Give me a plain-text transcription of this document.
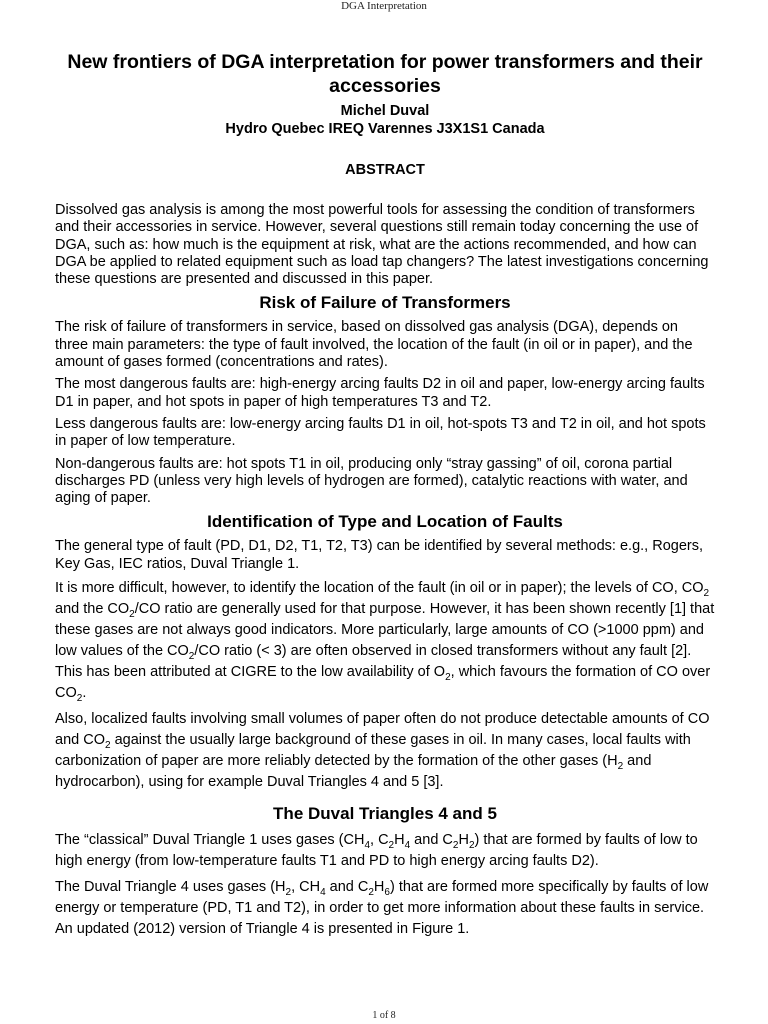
DGA Interpretation
New frontiers of DGA interpretation for power transformers and their accessories
Michel Duval
Hydro Quebec IREQ Varennes J3X1S1 Canada
ABSTRACT

Dissolved gas analysis is among the most powerful tools for assessing the condition of transformers and their accessories in service. However, several questions still remain today concerning the use of DGA, such as: how much is the equipment at risk, what are the actions recommended, and how can DGA be applied to related equipment such as load tap changers? The latest investigations concerning these questions are presented and discussed in this paper.

Risk of Failure of Transformers

The risk of failure of transformers in service, based on dissolved gas analysis (DGA), depends on three main parameters: the type of fault involved, the location of the fault (in oil or in paper), and the amount of gases formed (concentrations and rates).

The most dangerous faults are: high-energy arcing faults D2 in oil and paper, low-energy arcing faults D1 in paper, and hot spots in paper of high temperatures T3 and T2.

Less dangerous faults are: low-energy arcing faults D1 in oil, hot-spots T3 and T2 in oil, and hot spots in paper of low temperature.

Non-dangerous faults are: hot spots T1 in oil, producing only “stray gassing” of oil, corona partial discharges PD (unless very high levels of hydrogen are formed), catalytic reactions with water, and aging of paper.

Identification of Type and Location of Faults

The general type of fault (PD, D1, D2, T1, T2, T3) can be identified by several methods: e.g., Rogers, Key Gas, IEC ratios, Duval Triangle 1.

It is more difficult, however, to identify the location of the fault (in oil or in paper); the levels of CO, $CO_2$ and the $CO_2/CO$ ratio are generally used for that purpose. However, it has been shown recently [1] that these gases are not always good indicators. More particularly, large amounts of CO (>1000 ppm) and low values of the $CO_2/CO$ ratio (< 3) are often observed in closed transformers without any fault [2]. This has been attributed at CIGRE to the low availability of $O_2$, which favours the formation of CO over $CO_2$.

Also, localized faults involving small volumes of paper often do not produce detectable amounts of CO and $CO_2$ against the usually large background of these gases in oil. In many cases, local faults with carbonization of paper are more reliably detected by the formation of the other gases ($H_2$ and hydrocarbon), using for example Duval Triangles 4 and 5 [3].

The Duval Triangles 4 and 5

The “classical” Duval Triangle 1 uses gases ($CH_4$, $C_2H_4$ and $C_2H_2$) that are formed by faults of low to high energy (from low-temperature faults T1 and PD to high energy arcing faults D2).

The Duval Triangle 4 uses gases ($H_2$, $CH_4$ and $C_2H_6$) that are formed more specifically by faults of low energy or temperature (PD, T1 and T2), in order to get more information about these faults in service. An updated (2012) version of Triangle 4 is presented in Figure 1.

1 of 8
